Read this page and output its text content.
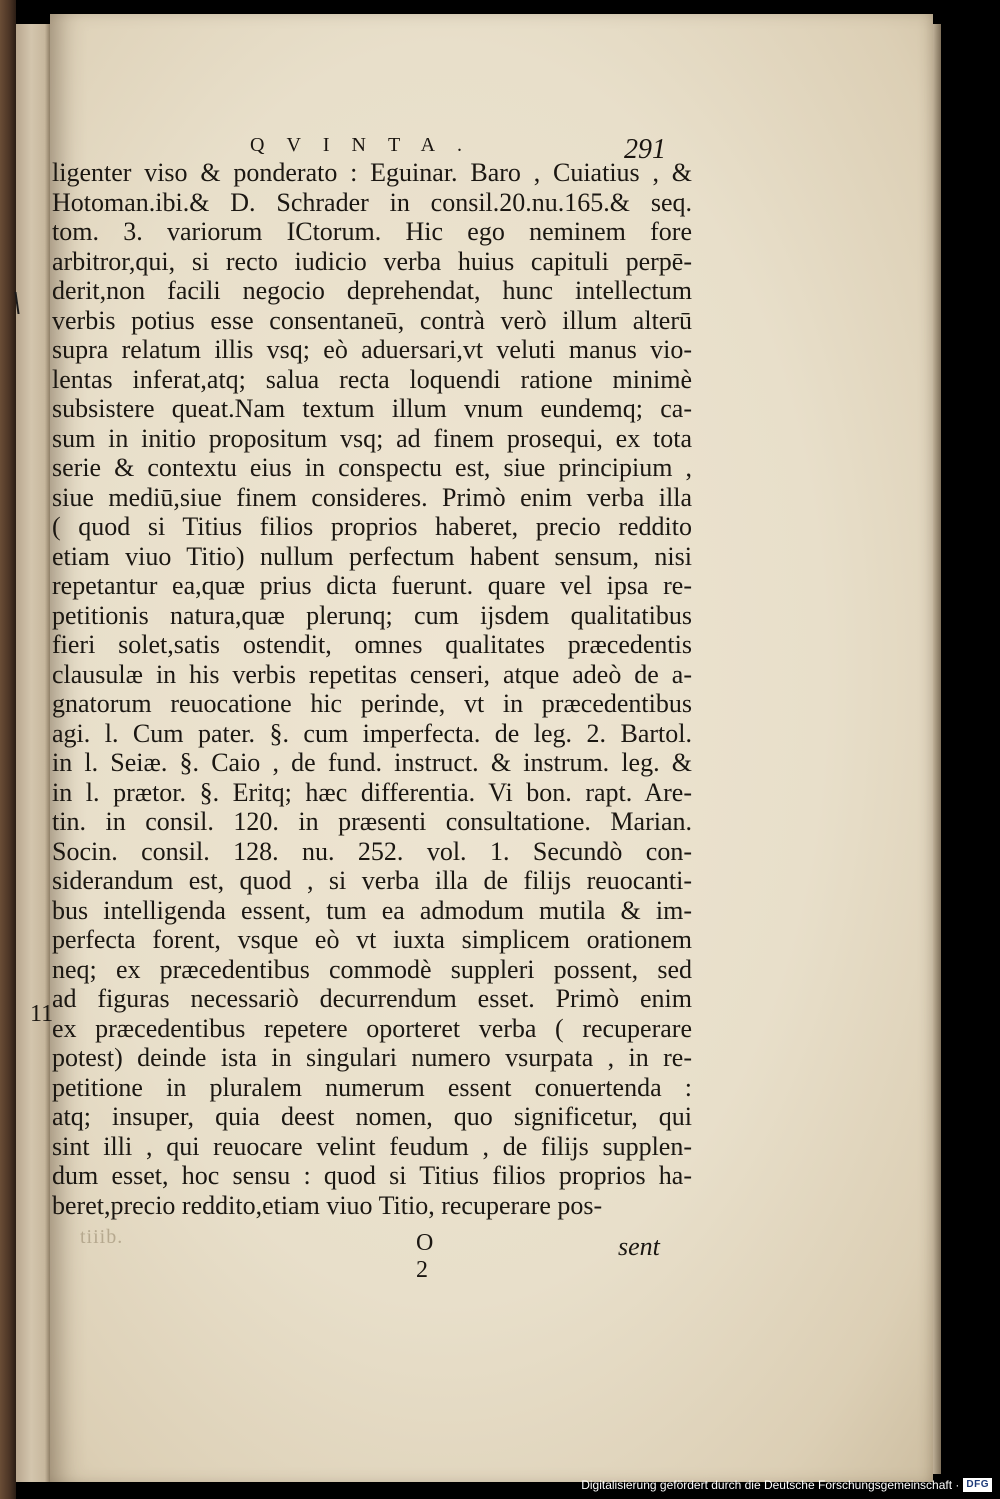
QVINTA.	291
ligenter viso & ponderato : Eguinar. Baro , Cuiatius , &
Hotoman.ibi.& D. Schrader in consil.20.nu.165.& seq.
tom. 3. variorum ICtorum. Hic ego neminem fore
arbitror,qui, si recto iudicio verba huius capituli perpē-
derit,non facili negocio deprehendat, hunc intellectum
verbis potius esse consentaneū, contrà verò illum alterū
supra relatum illis vsq; eò aduersari,vt veluti manus vio-
lentas inferat,atq; salua recta loquendi ratione minimè
subsistere queat.Nam textum illum vnum eundemq; ca-
sum in initio propositum vsq; ad finem prosequi, ex tota
serie & contextu eius in conspectu est, siue principium ,
siue mediū,siue finem consideres. Primò enim verba illa
( quod si Titius filios proprios haberet, precio reddito
etiam viuo Titio) nullum perfectum habent sensum, nisi
repetantur ea,quæ prius dicta fuerunt. quare vel ipsa re-
petitionis natura,quæ plerunq; cum ijsdem qualitatibus
fieri solet,satis ostendit, omnes qualitates præcedentis
clausulæ in his verbis repetitas censeri, atque adeò de a-
gnatorum reuocatione hic perinde, vt in præcedentibus
agi. l. Cum pater. §. cum imperfecta. de leg. 2. Bartol.
in l. Seiæ. §. Caio , de fund. instruct. & instrum. leg. &
in l. prætor. §. Eritq; hæc differentia. Vi bon. rapt. Are-
tin. in consil. 120. in præsenti consultatione. Marian.
Socin. consil. 128. nu. 252. vol. 1. Secundò con-
siderandum est, quod , si verba illa de filijs reuocanti-
bus intelligenda essent, tum ea admodum mutila & im-
perfecta forent, vsque eò vt iuxta simplicem orationem
neq; ex præcedentibus commodè suppleri possent, sed
ad figuras necessariò decurrendum esset. Primò enim
ex præcedentibus repetere oporteret verba ( recuperare
potest) deinde ista in singulari numero vsurpata , in re-
petitione in pluralem numerum essent conuertenda :
atq; insuper, quia deest nomen, quo significetur, qui
sint illi , qui reuocare velint feudum , de filijs supplen-
dum esset, hoc sensu : quod si Titius filios proprios ha-
beret,precio reddito,etiam viuo Titio, recuperare pos-
11
tiiib.	O 2
sent
Digitalisierung gefördert durch die Deutsche Forschungsgemeinschaft · DFG
